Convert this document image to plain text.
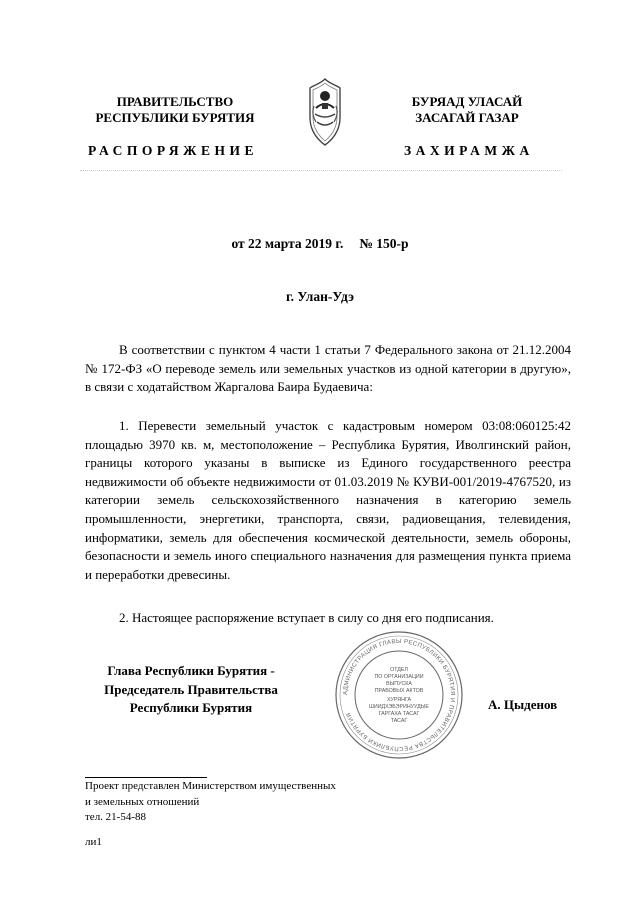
ПРАВИТЕЛЬСТВО
РЕСПУБЛИКИ БУРЯТИЯ
БУРЯАД УЛАСАЙ
ЗАСАГАЙ ГАЗАР
РАСПОРЯЖЕНИЕ	ЗАХИРАМЖА
от 22 марта 2019 г. № 150-р
г. Улан-Удэ

В соответствии с пунктом 4 части 1 статьи 7 Федерального закона от 21.12.2004 № 172-ФЗ «О переводе земель или земельных участков из одной категории в другую», в связи с ходатайством Жаргалова Баира Будаевича:

1. Перевести земельный участок с кадастровым номером 03:08:060125:42 площадью 3970 кв. м, местоположение – Республика Бурятия, Иволгинский район, границы которого указаны в выписке из Единого государственного реестра недвижимости об объекте недвижимости от 01.03.2019 № КУВИ-001/2019-4767520, из категории земель сельскохозяйственного назначения в категорию земель промышленности, энергетики, транспорта, связи, радиовещания, телевидения, информатики, земель для обеспечения космической деятельности, земель обороны, безопасности и земель иного специального назначения для размещения пункта приема и переработки древесины.

2. Настоящее распоряжение вступает в силу со дня его подписания.

Глава Республики Бурятия -
Председатель Правительства
Республики Бурятия
АДМИНИСТРАЦИЯ ГЛАВЫ РЕСПУБЛИКИ БУРЯТИЯ И ПРАВИТЕЛЬСТВА РЕСПУБЛИКИ БУРЯТИЯ
ОТДЕЛ
ПО ОРГАНИЗАЦИИ
ВЫПУСКА
ПРАВОВЫХ АКТОВ
ХУРЯНГА
ШИИДХЭБЭРИНУУДЫЕ
ГАРГАХА ТАСАГ
ТАСАГ
А. Цыденов
Проект представлен Министерством имущественных
и земельных отношений
тел. 21-54-88
ли1
